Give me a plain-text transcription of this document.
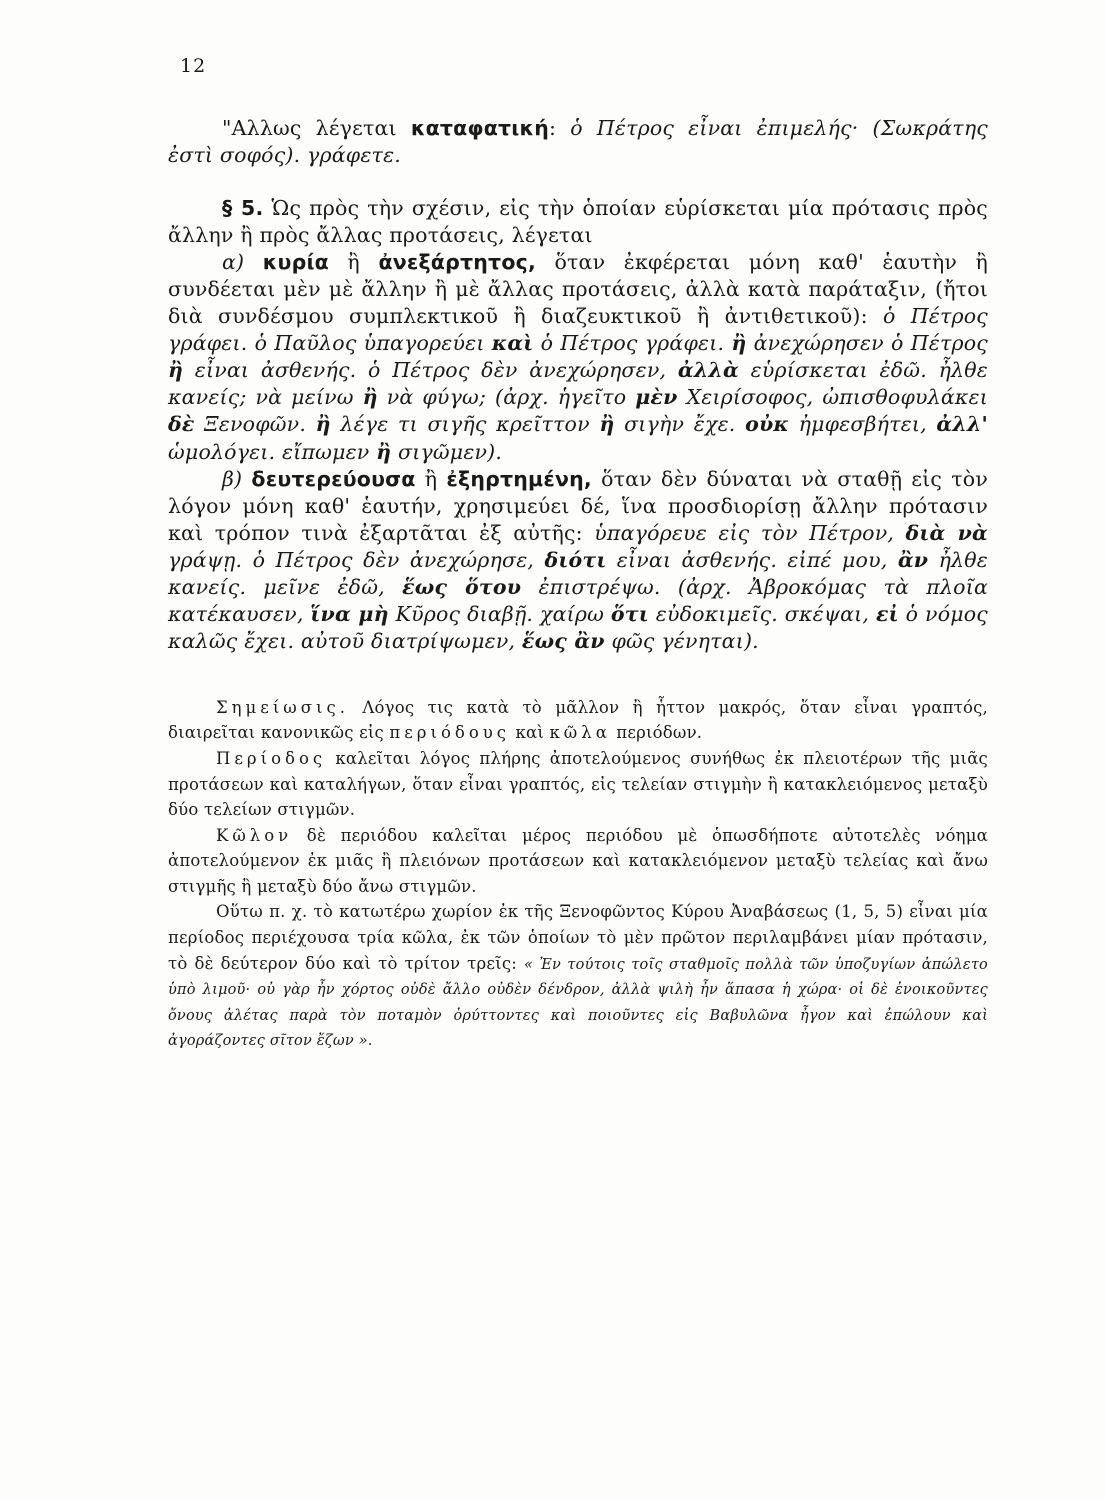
12

"Αλλως λέγεται καταφατική: ὁ Πέτρος εἶναι ἐπιμελής· (Σωκράτης ἐστὶ σοφός). γράφετε.

§ 5. Ὡς πρὸς τὴν σχέσιν, εἰς τὴν ὁποίαν εὑρίσκεται μία πρότασις πρὸς ἄλλην ἢ πρὸς ἄλλας προτάσεις, λέγεται

α) κυρία ἢ ἀνεξάρτητος, ὅταν ἐκφέρεται μόνη καθ' ἑαυτὴν ἢ συνδέεται μὲν μὲ ἄλλην ἢ μὲ ἄλλας προτάσεις, ἀλλὰ κατὰ παράταξιν, (ἤτοι διὰ συνδέσμου συμπλεκτικοῦ ἢ διαζευκτικοῦ ἢ ἀντιθετικοῦ): ὁ Πέτρος γράφει. ὁ Παῦλος ὑπαγορεύει καὶ ὁ Πέτρος γράφει. ἢ ἀνεχώρησεν ὁ Πέτρος ἢ εἶναι ἀσθενής. ὁ Πέτρος δὲν ἀνεχώρησεν, ἀλλὰ εὑρίσκεται ἐδῶ. ἦλθε κανείς; νὰ μείνω ἢ νὰ φύγω; (ἀρχ. ἡγεῖτο μὲν Χειρίσοφος, ὠπισθοφυλάκει δὲ Ξενοφῶν. ἢ λέγε τι σιγῆς κρεῖττον ἢ σιγὴν ἔχε. οὐκ ἠμφεσβήτει, ἀλλ' ὡμολόγει. εἴπωμεν ἢ σιγῶμεν).

β) δευτερεύουσα ἢ ἐξηρτημένη, ὅταν δὲν δύναται νὰ σταθῇ εἰς τὸν λόγον μόνη καθ' ἑαυτήν, χρησιμεύει δέ, ἵνα προσδιορίσῃ ἄλλην πρότασιν καὶ τρόπον τινὰ ἐξαρτᾶται ἐξ αὐτῆς: ὑπαγόρευε εἰς τὸν Πέτρον, διὰ νὰ γράψῃ. ὁ Πέτρος δὲν ἀνεχώρησε, διότι εἶναι ἀσθενής. εἰπέ μου, ἂν ἦλθε κανείς. μεῖνε ἐδῶ, ἕως ὅτου ἐπιστρέψω. (ἀρχ. Ἀβροκόμας τὰ πλοῖα κατέκαυσεν, ἵνα μὴ Κῦρος διαβῇ. χαίρω ὅτι εὐδοκιμεῖς. σκέψαι, εἰ ὁ νόμος καλῶς ἔχει. αὐτοῦ διατρίψωμεν, ἕως ἂν φῶς γένηται).

Σημείωσις. Λόγος τις κατὰ τὸ μᾶλλον ἢ ἧττον μακρός, ὅταν εἶναι γραπτός, διαιρεῖται κανονικῶς εἰς περιόδους καὶ κῶλα περιόδων.

Περίοδος καλεῖται λόγος πλήρης ἀποτελούμενος συνήθως ἐκ πλειοτέρων τῆς μιᾶς προτάσεων καὶ καταλήγων, ὅταν εἶναι γραπτός, εἰς τελείαν στιγμὴν ἢ κατακλειόμενος μεταξὺ δύο τελείων στιγμῶν.

Κῶλον δὲ περιόδου καλεῖται μέρος περιόδου μὲ ὁπωσδήποτε αὐτοτελὲς νόημα ἀποτελούμενον ἐκ μιᾶς ἢ πλειόνων προτάσεων καὶ κατακλειόμενον μεταξὺ τελείας καὶ ἄνω στιγμῆς ἢ μεταξὺ δύο ἄνω στιγμῶν.

Οὕτω π. χ. τὸ κατωτέρω χωρίον ἐκ τῆς Ξενοφῶντος Κύρου Ἀναβάσεως (1, 5, 5) εἶναι μία περίοδος περιέχουσα τρία κῶλα, ἐκ τῶν ὁποίων τὸ μὲν πρῶτον περιλαμβάνει μίαν πρότασιν, τὸ δὲ δεύτερον δύο καὶ τὸ τρίτον τρεῖς: « Ἐν τούτοις τοῖς σταθμοῖς πολλὰ τῶν ὑποζυγίων ἀπώλετο ὑπὸ λιμοῦ· οὐ γὰρ ἦν χόρτος οὐδὲ ἄλλο οὐδὲν δένδρον, ἀλλὰ ψιλὴ ἦν ἅπασα ἡ χώρα· οἱ δὲ ἐνοικοῦντες ὄνους ἀλέτας παρὰ τὸν ποταμὸν ὀρύττοντες καὶ ποιοῦντες εἰς Βαβυλῶνα ἦγον καὶ ἐπώλουν καὶ ἀγοράζοντες σῖτον ἔζων ».
